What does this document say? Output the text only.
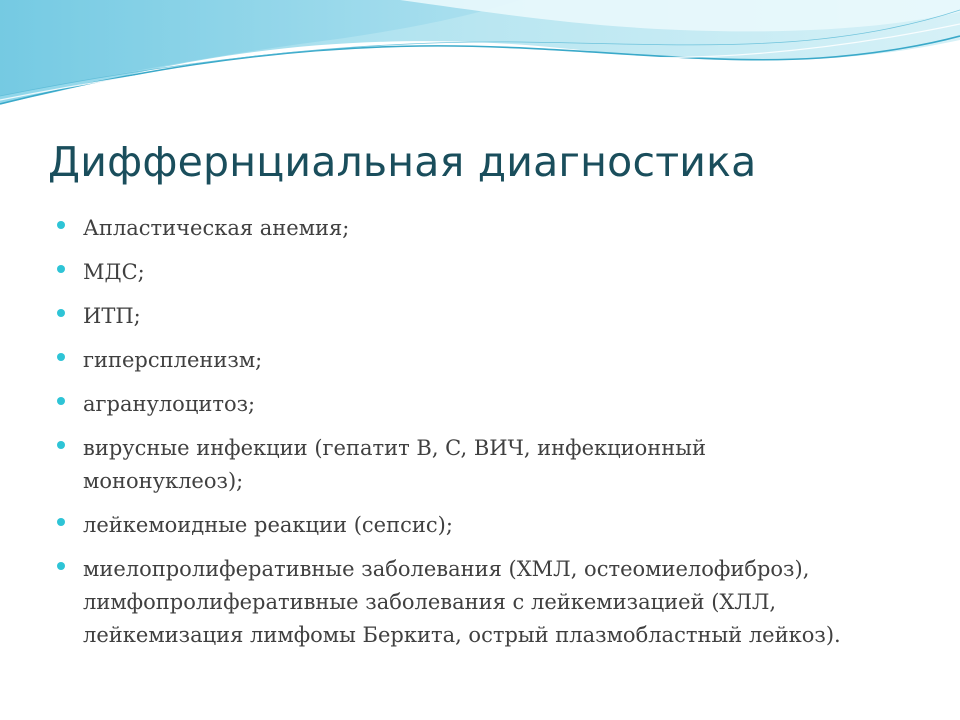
Диффернциальная диагностика
Апластическая анемия;
МДС;
ИТП;
гиперспленизм;
агранулоцитоз;
вирусные инфекции (гепатит B, C, ВИЧ, инфекционный мононуклеоз);
лейкемоидные реакции (сепсис);
миелопролиферативные заболевания (ХМЛ, остеомиелофиброз), лимфопролиферативные заболевания с лейкемизацией (ХЛЛ, лейкемизация лимфомы Беркита, острый плазмобластный лейкоз).
